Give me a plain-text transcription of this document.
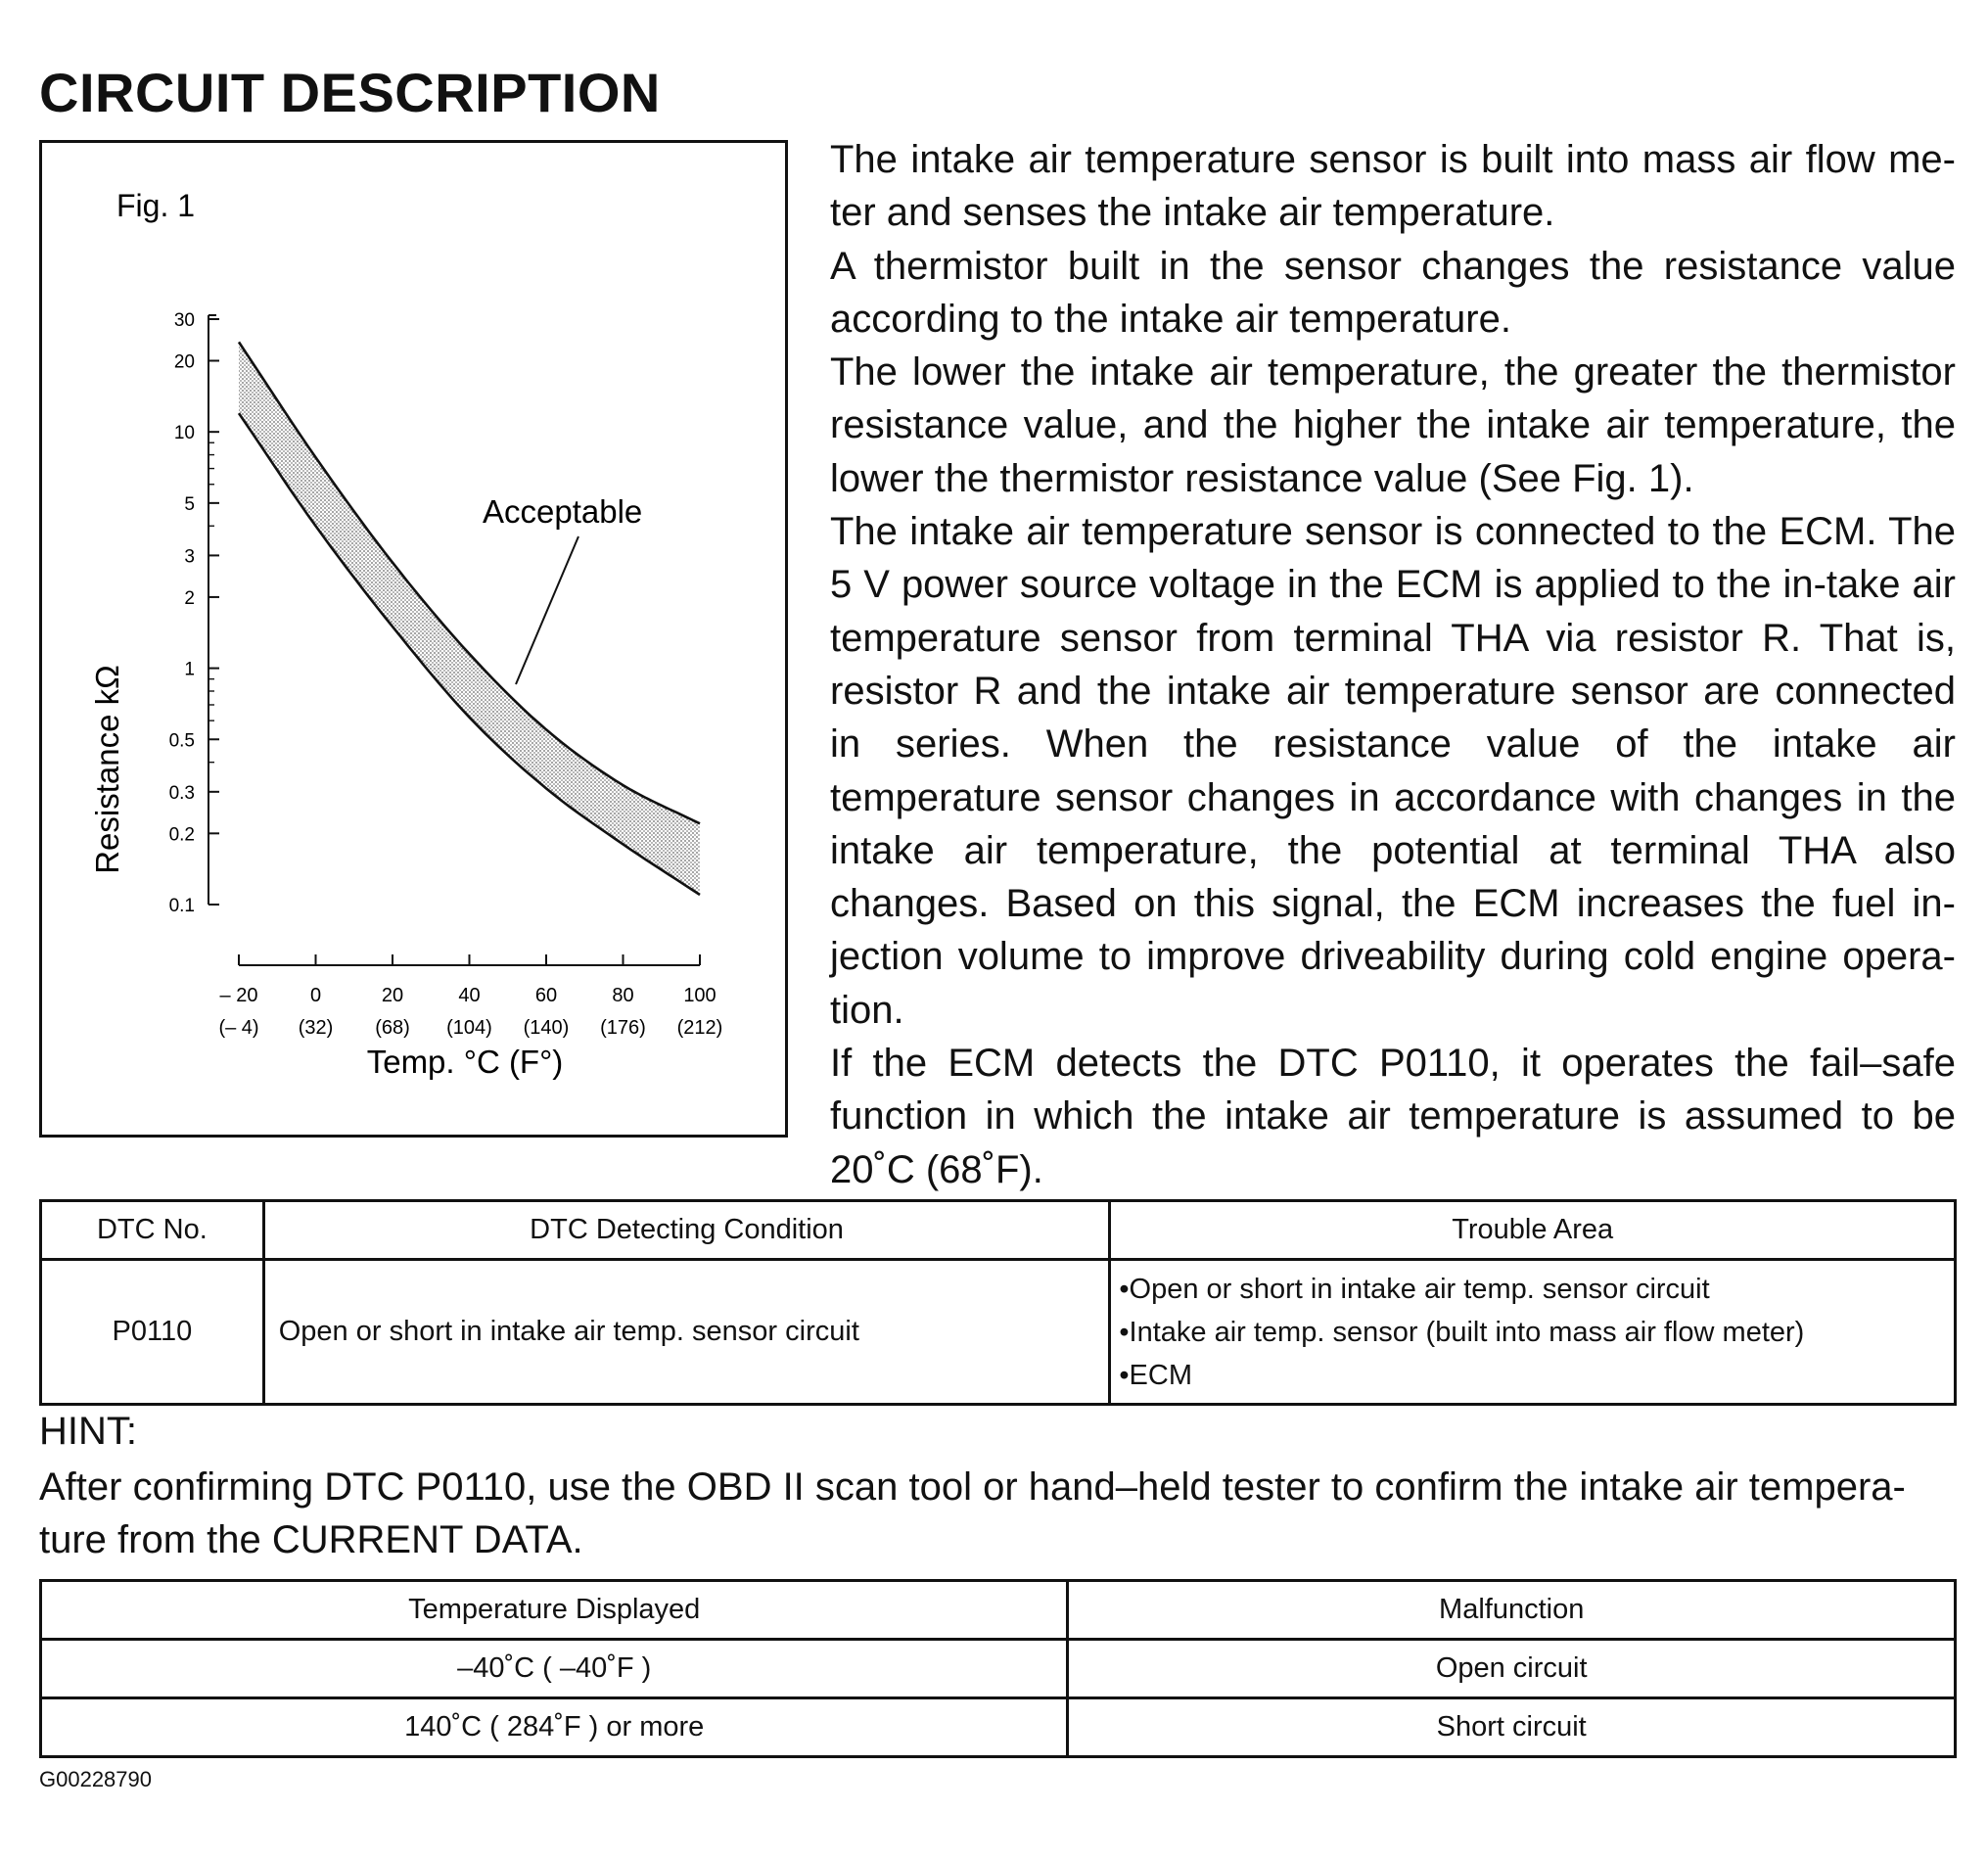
CIRCUIT DESCRIPTION
Fig. 1
Resistance kΩ
Temp. °C (F°)
30
20
10
5
3
2
1
0.5
0.3
0.2
0.1
– 20
(– 4)
0
(32)
20
(68)
40
(104)
60
(140)
80
(176)
100
(212)
Acceptable

The intake air temperature sensor is built into mass air flow me-ter and senses the intake air temperature.

A thermistor built in the sensor changes the resistance value according to the intake air temperature.

The lower the intake air temperature, the greater the thermistor resistance value, and the higher the intake air temperature, the lower the thermistor resistance value (See Fig. 1).

The intake air temperature sensor is connected to the ECM. The 5 V power source voltage in the ECM is applied to the in-take air temperature sensor from terminal THA via resistor R. That is, resistor R and the intake air temperature sensor are connected in series. When the resistance value of the intake air temperature sensor changes in accordance with changes in the intake air temperature, the potential at terminal THA also changes. Based on this signal, the ECM increases the fuel in-jection volume to improve driveability during cold engine opera-tion.

If the ECM detects the DTC P0110, it operates the fail–safe function in which the intake air temperature is assumed to be 20˚C (68˚F).

DTC No.	DTC Detecting Condition	Trouble Area
P0110	Open or short in intake air temp. sensor circuit	•Open or short in intake air temp. sensor circuit
•Intake air temp. sensor (built into mass air flow meter)
•ECM
HINT:
After confirming DTC P0110, use the OBD II scan tool or hand–held tester to confirm the intake air tempera-ture from the CURRENT DATA.
Temperature Displayed	Malfunction
–40˚C ( –40˚F )	Open circuit
140˚C ( 284˚F ) or more	Short circuit
G00228790
